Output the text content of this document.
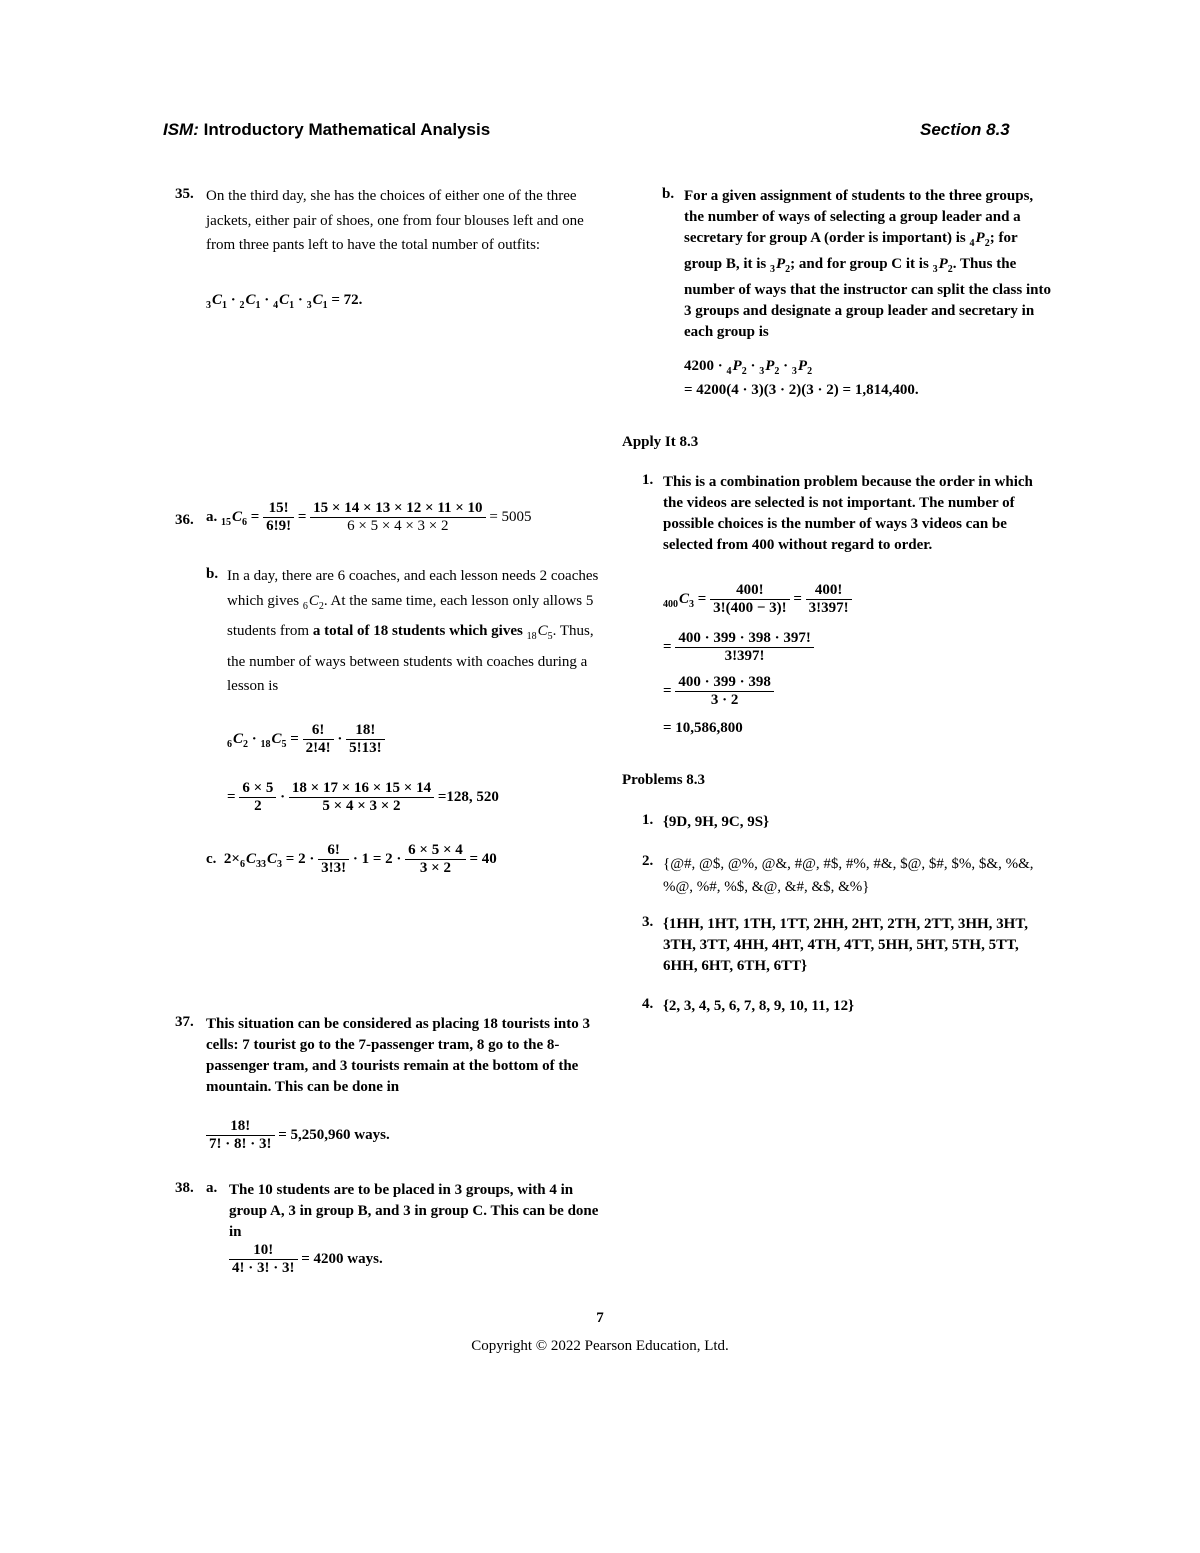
ISM: Introductory Mathematical Analysis	Section 8.3
35. On the third day, she has the choices of either one of the three jackets, either pair of shoes, one from four blouses left and one from three pants left to have the total number of outfits:
$_3C_1 \cdot _2C_1 \cdot _4C_1 \cdot _3C_1 = 72$.
36. a. $_{15}C_6 = \frac{15!}{6!9!} = \frac{15 \times 14 \times 13 \times 12 \times 11 \times 10}{6 \times 5 \times 4 \times 3 \times 2} = 5005$
b. In a day, there are 6 coaches, and each lesson needs 2 coaches which gives $_6C_2$. At the same time, each lesson only allows 5 students from a total of 18 students which gives $_{18}C_5$. Thus, the number of ways between students with coaches during a lesson is
$_6C_2 \cdot _{18}C_5 = \frac{6!}{2!4!} \cdot \frac{18!}{5!13!}$
= $\frac{6 \times 5}{2} \cdot \frac{18 \times 17 \times 16 \times 15 \times 14}{5 \times 4 \times 3 \times 2} =128$, 520
c.  $2\times_6C_{33}C_3 = 2 \cdot \frac{6!}{3!3!} \cdot 1 = 2 \cdot \frac{6 \times 5 \times 4}{3 \times 2} = 40$
37. This situation can be considered as placing 18 tourists into 3 cells: 7 tourist go to the 7-passenger tram, 8 go to the 8-passenger tram, and 3 tourists remain at the bottom of the mountain. This can be done in
$\frac{18!}{7! \cdot 8! \cdot 3!} = 5,250,960$ ways.
38. a. The 10 students are to be placed in 3 groups, with 4 in group A, 3 in group B, and 3 in group C. This can be done in
$\frac{10!}{4! \cdot 3! \cdot 3!} = 4200$ ways.
b. For a given assignment of students to the three groups, the number of ways of selecting a group leader and a secretary for group A (order is important) is $_4P_2$; for group B, it is $_3P_2$; and for group C it is $_3P_2$. Thus the number of ways that the instructor can split the class into 3 groups and designate a group leader and secretary in each group is
$4200 \cdot _4P_2 \cdot _3P_2 \cdot _3P_2$
= 4200(4 · 3)(3 · 2)(3 · 2) = 1,814,400.
Apply It 8.3
1. This is a combination problem because the order in which the videos are selected is not important. The number of possible choices is the number of ways 3 videos can be selected from 400 without regard to order.
$_{400}C_3 = \frac{400!}{3!(400 - 3)!} = \frac{400!}{3!397!}$
= $\frac{400 \cdot 399 \cdot 398 \cdot 397!}{3!397!}$
= $\frac{400 \cdot 399 \cdot 398}{3 \cdot 2}$
= 10,586,800
Problems 8.3
1. {9D, 9H, 9C, 9S}
2. {@#, @$, @%, @&, #@, #$, #%, #&, $@, $#, $%, $&, %&, %@, %#, %$, &@, &#, &$, &%}
3. {1HH, 1HT, 1TH, 1TT, 2HH, 2HT, 2TH, 2TT, 3HH, 3HT, 3TH, 3TT, 4HH, 4HT, 4TH, 4TT, 5HH, 5HT, 5TH, 5TT, 6HH, 6HT, 6TH, 6TT}
4. {2, 3, 4, 5, 6, 7, 8, 9, 10, 11, 12}
7
Copyright © 2022 Pearson Education, Ltd.
